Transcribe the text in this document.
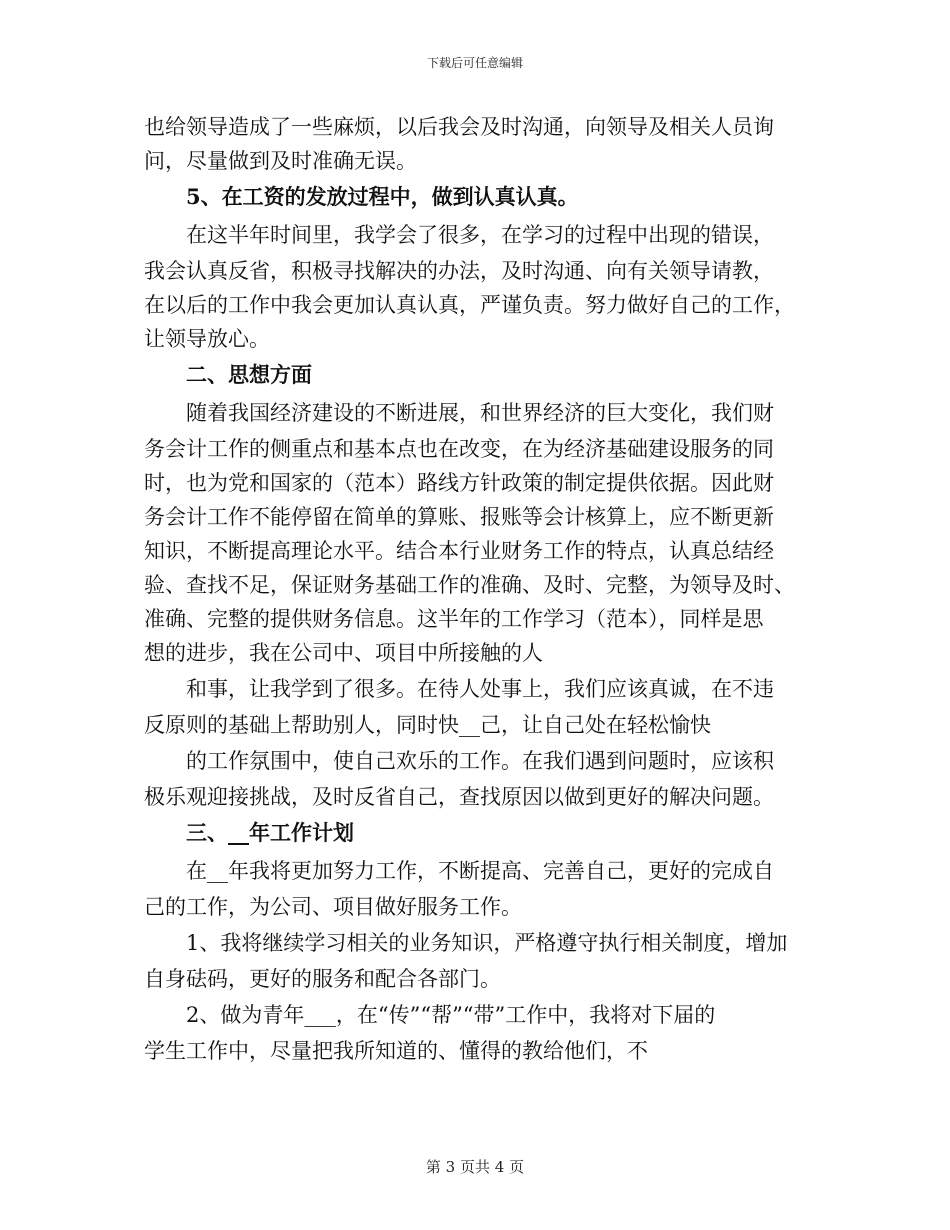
下载后可任意编辑
也给领导造成了一些麻烦，以后我会及时沟通，向领导及相关人员询
问，尽量做到及时准确无误。
5、在工资的发放过程中，做到认真认真。
在这半年时间里，我学会了很多，在学习的过程中出现的错误，
我会认真反省，积极寻找解决的办法，及时沟通、向有关领导请教，
在以后的工作中我会更加认真认真，严谨负责。努力做好自己的工作，
让领导放心。
二、思想方面
随着我国经济建设的不断进展，和世界经济的巨大变化，我们财
务会计工作的侧重点和基本点也在改变，在为经济基础建设服务的同
时，也为党和国家的（范本）路线方针政策的制定提供依据。因此财
务会计工作不能停留在简单的算账、报账等会计核算上，应不断更新
知识，不断提高理论水平。结合本行业财务工作的特点，认真总结经
验、查找不足，保证财务基础工作的准确、及时、完整，为领导及时、
准确、完整的提供财务信息。这半年的工作学习（范本），同样是思
想的进步，我在公司中、项目中所接触的人
和事，让我学到了很多。在待人处事上，我们应该真诚，在不违
反原则的基础上帮助别人，同时快__己，让自己处在轻松愉快
的工作氛围中，使自己欢乐的工作。在我们遇到问题时，应该积
极乐观迎接挑战，及时反省自己，查找原因以做到更好的解决问题。
三、__年工作计划
在__年我将更加努力工作，不断提高、完善自己，更好的完成自
己的工作，为公司、项目做好服务工作。
1、我将继续学习相关的业务知识，严格遵守执行相关制度，增加
自身砝码，更好的服务和配合各部门。
2、做为青年___，在“传”“帮”“带”工作中，我将对下届的
学生工作中，尽量把我所知道的、懂得的教给他们，不
第 3 页共 4 页
